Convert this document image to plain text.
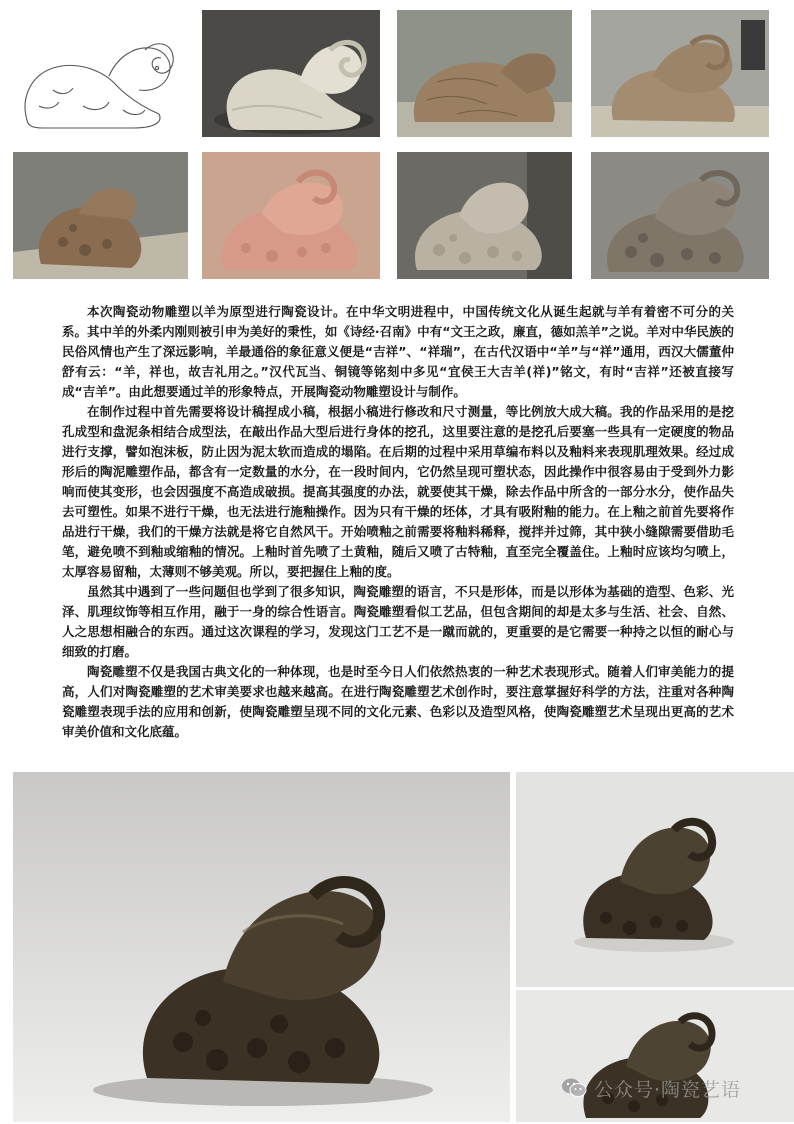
本次陶瓷动物雕塑以羊为原型进行陶瓷设计。在中华文明进程中，中国传统文化从诞生起就与羊有着密不可分的关系。其中羊的外柔内刚则被引申为美好的秉性，如《诗经·召南》中有“文王之政，廉直，德如羔羊”之说。羊对中华民族的民俗风情也产生了深远影响，羊最通俗的象征意义便是“吉祥”、“祥瑞”，在古代汉语中“羊”与“祥”通用，西汉大儒董仲舒有云：“羊，祥也，故吉礼用之。”汉代瓦当、铜镜等铭刻中多见“宜侯王大吉羊(祥)”铭文，有时“吉祥”还被直接写成“吉羊”。由此想要通过羊的形象特点，开展陶瓷动物雕塑设计与制作。

在制作过程中首先需要将设计稿捏成小稿，根据小稿进行修改和尺寸测量，等比例放大成大稿。我的作品采用的是挖孔成型和盘泥条相结合成型法，在敲出作品大型后进行身体的挖孔，这里要注意的是挖孔后要塞一些具有一定硬度的物品进行支撑，譬如泡沫板，防止因为泥太软而造成的塌陷。在后期的过程中采用草编布料以及釉料来表现肌理效果。经过成形后的陶泥雕塑作品，都含有一定数量的水分，在一段时间内，它仍然呈现可塑状态，因此操作中很容易由于受到外力影响而使其变形，也会因强度不高造成破损。提高其强度的办法，就要使其干燥，除去作品中所含的一部分水分，使作品失去可塑性。如果不进行干燥，也无法进行施釉操作。因为只有干燥的坯体，才具有吸附釉的能力。在上釉之前首先要将作品进行干燥，我们的干燥方法就是将它自然风干。开始喷釉之前需要将釉料稀释，搅拌并过筛，其中狭小缝隙需要借助毛笔，避免喷不到釉或缩釉的情况。上釉时首先喷了土黄釉，随后又喷了古特釉，直至完全覆盖住。上釉时应该均匀喷上，太厚容易留釉，太薄则不够美观。所以，要把握住上釉的度。

虽然其中遇到了一些问题但也学到了很多知识，陶瓷雕塑的语言，不只是形体，而是以形体为基础的造型、色彩、光泽、肌理纹饰等相互作用，融于一身的综合性语言。陶瓷雕塑看似工艺品，但包含期间的却是太多与生活、社会、自然、人之思想相融合的东西。通过这次课程的学习，发现这门工艺不是一蹴而就的，更重要的是它需要一种持之以恒的耐心与细致的打磨。

陶瓷雕塑不仅是我国古典文化的一种体现，也是时至今日人们依然热衷的一种艺术表现形式。随着人们审美能力的提高，人们对陶瓷雕塑的艺术审美要求也越来越高。在进行陶瓷雕塑艺术创作时，要注意掌握好科学的方法，注重对各种陶瓷雕塑表现手法的应用和创新，使陶瓷雕塑呈现不同的文化元素、色彩以及造型风格，使陶瓷雕塑艺术呈现出更高的艺术审美价值和文化底蕴。

公众号·陶瓷艺语
